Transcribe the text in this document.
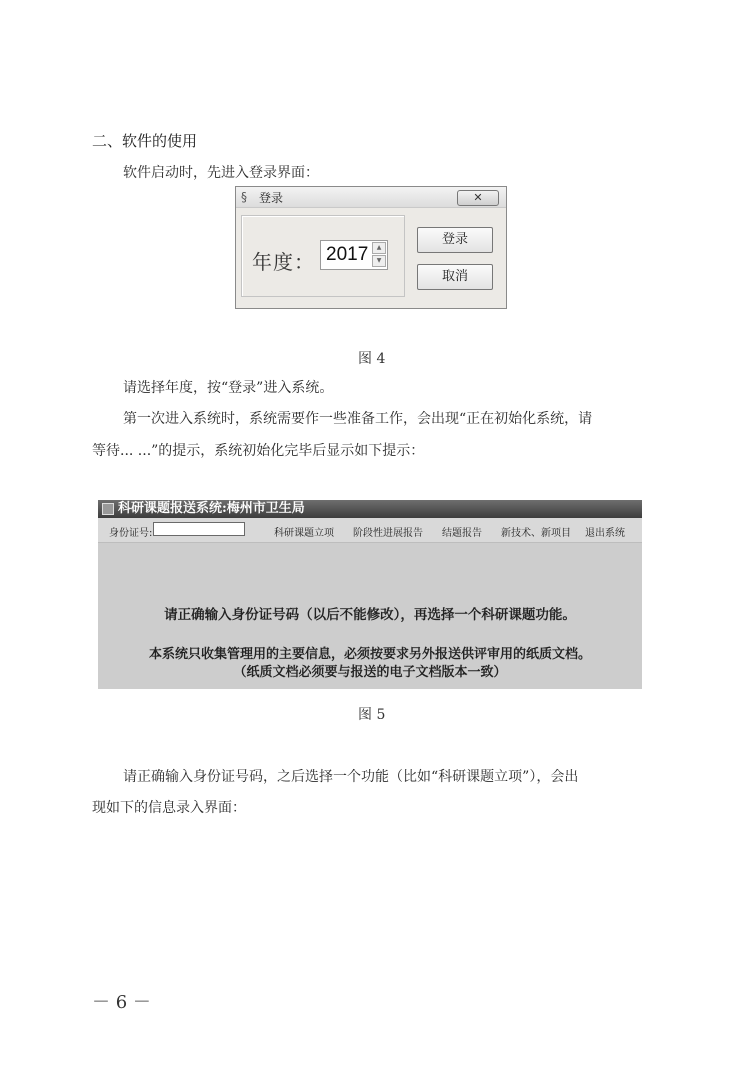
二、软件的使用
软件启动时，先进入登录界面：
§	登录	✕
年度： 2017	▲
▼
登录
取消
图 4
请选择年度，按“登录”进入系统。
第一次进入系统时，系统需要作一些准备工作，会出现“正在初始化系统，请
等待... ...”的提示，系统初始化完毕后显示如下提示：
科研课题报送系统:梅州市卫生局
身份证号:	科研课题立项 阶段性进展报告 结题报告 新技术、新项目 退出系统
请正确输入身份证号码（以后不能修改），再选择一个科研课题功能。
本系统只收集管理用的主要信息，必须按要求另外报送供评审用的纸质文档。
（纸质文档必须要与报送的电子文档版本一致）
图 5
请正确输入身份证号码，之后选择一个功能（比如“科研课题立项”），会出
现如下的信息录入界面：
－ 6 －
